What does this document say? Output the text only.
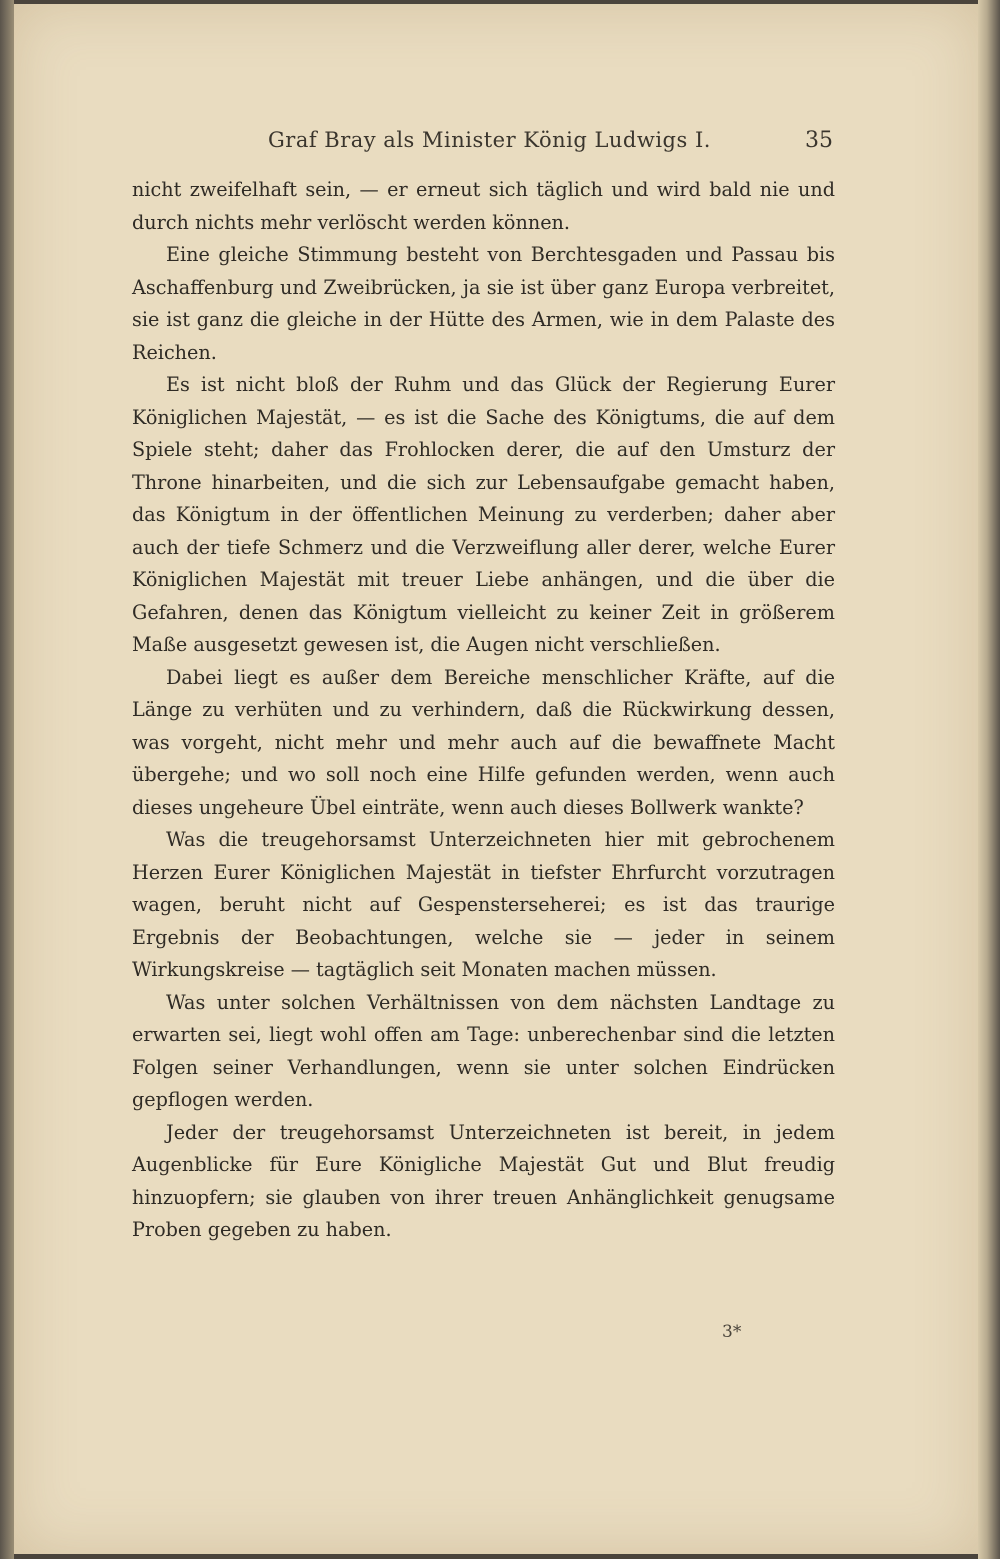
Graf Bray als Minister König Ludwigs I.	35

nicht zweifelhaft sein, — er erneut sich täglich und wird bald nie und durch nichts mehr verlöscht werden können.

Eine gleiche Stimmung besteht von Berchtesgaden und Passau bis Aschaffenburg und Zweibrücken, ja sie ist über ganz Europa verbreitet, sie ist ganz die gleiche in der Hütte des Armen, wie in dem Palaste des Reichen.

Es ist nicht bloß der Ruhm und das Glück der Regierung Eurer Königlichen Majestät, — es ist die Sache des Königtums, die auf dem Spiele steht; daher das Frohlocken derer, die auf den Umsturz der Throne hinarbeiten, und die sich zur Lebensaufgabe gemacht haben, das Königtum in der öffentlichen Meinung zu verderben; daher aber auch der tiefe Schmerz und die Verzweiflung aller derer, welche Eurer Königlichen Majestät mit treuer Liebe anhängen, und die über die Gefahren, denen das Königtum vielleicht zu keiner Zeit in größerem Maße ausgesetzt gewesen ist, die Augen nicht verschließen.

Dabei liegt es außer dem Bereiche menschlicher Kräfte, auf die Länge zu verhüten und zu verhindern, daß die Rückwirkung dessen, was vorgeht, nicht mehr und mehr auch auf die bewaffnete Macht übergehe; und wo soll noch eine Hilfe gefunden werden, wenn auch dieses ungeheure Übel einträte, wenn auch dieses Bollwerk wankte?

Was die treugehorsamst Unterzeichneten hier mit gebrochenem Herzen Eurer Königlichen Majestät in tiefster Ehrfurcht vorzutragen wagen, beruht nicht auf Gespensterseherei; es ist das traurige Ergebnis der Beobachtungen, welche sie — jeder in seinem Wirkungskreise — tagtäglich seit Monaten machen müssen.

Was unter solchen Verhältnissen von dem nächsten Landtage zu erwarten sei, liegt wohl offen am Tage: unberechenbar sind die letzten Folgen seiner Verhandlungen, wenn sie unter solchen Eindrücken gepflogen werden.

Jeder der treugehorsamst Unterzeichneten ist bereit, in jedem Augenblicke für Eure Königliche Majestät Gut und Blut freudig hinzuopfern; sie glauben von ihrer treuen Anhänglichkeit genugsame Proben gegeben zu haben.

3*
